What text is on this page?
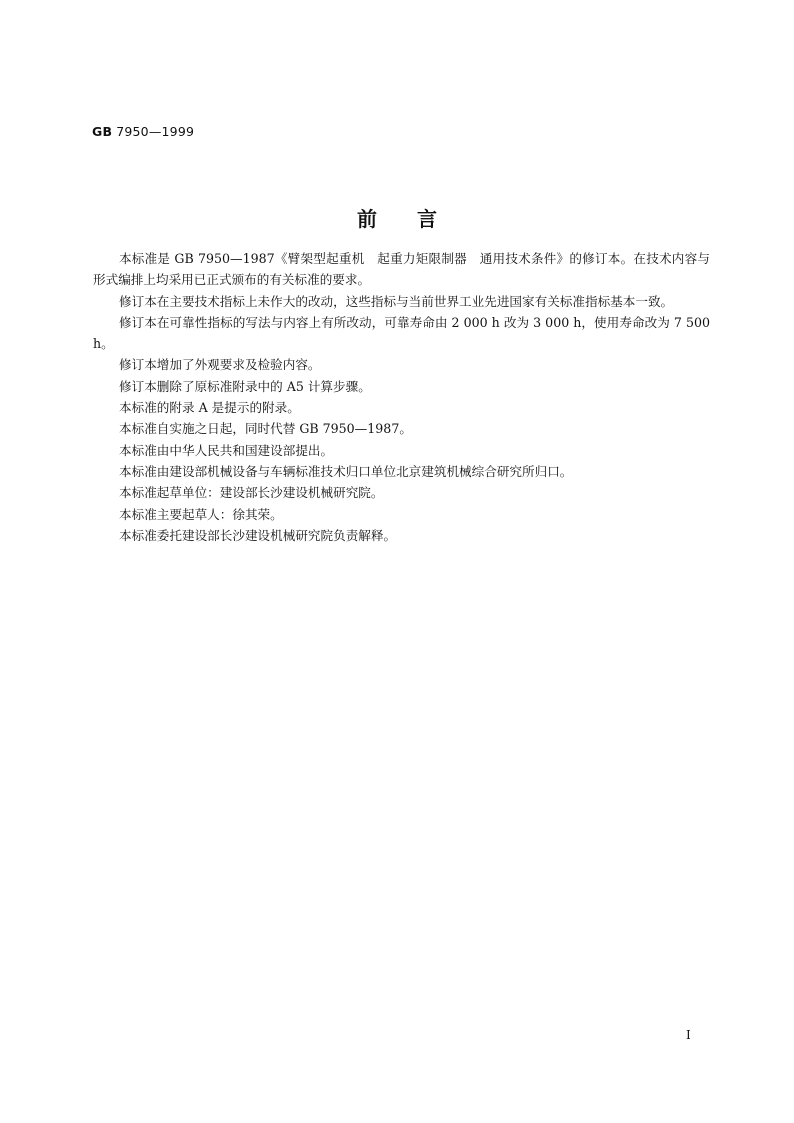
GB 7950—1999
前言

本标准是 GB 7950—1987《臂架型起重机　起重力矩限制器　通用技术条件》的修订本。在技术内容与形式编排上均采用已正式颁布的有关标准的要求。

修订本在主要技术指标上未作大的改动，这些指标与当前世界工业先进国家有关标准指标基本一致。

修订本在可靠性指标的写法与内容上有所改动，可靠寿命由 2 000 h 改为 3 000 h，使用寿命改为 7 500 h。

修订本增加了外观要求及检验内容。

修订本删除了原标准附录中的 A5 计算步骤。

本标准的附录 A 是提示的附录。

本标准自实施之日起，同时代替 GB 7950—1987。

本标准由中华人民共和国建设部提出。

本标准由建设部机械设备与车辆标准技术归口单位北京建筑机械综合研究所归口。

本标准起草单位：建设部长沙建设机械研究院。

本标准主要起草人：徐其荣。

本标准委托建设部长沙建设机械研究院负责解释。

I
